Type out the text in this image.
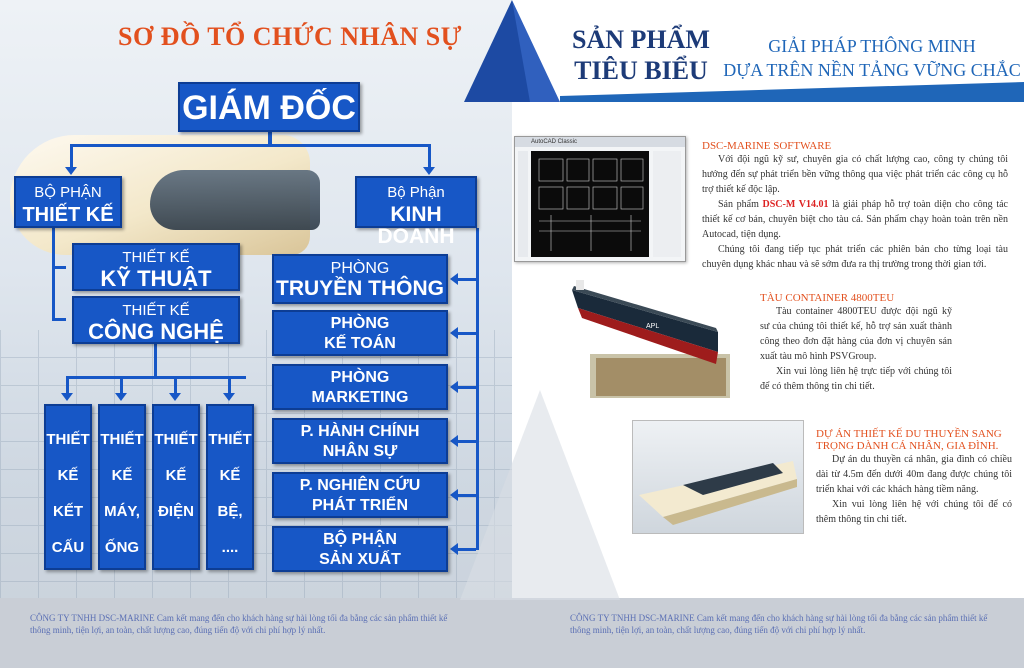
SƠ ĐỒ TỔ CHỨC NHÂN SỰ
GIÁM ĐỐC
BỘ PHẬN
THIẾT KẾ
Bộ Phận
KINH DOANH
THIẾT KẾ
KỸ THUẬT
THIẾT KẾ
CÔNG NGHỆ
PHÒNG
TRUYỀN THÔNG
PHÒNG
KẾ TOÁN
PHÒNG
MARKETING
P. HÀNH CHÍNH
NHÂN SỰ
P. NGHIÊN CỨU
PHÁT TRIỂN
BỘ PHẬN
SẢN XUẤT
THIẾT
KẾ
KẾT
CẤU
THIẾT
KẾ
MÁY,
ỐNG
THIẾT
KẾ
ĐIỆN
THIẾT
KẾ
BỆ,
....
SẢN PHẨM
TIÊU BIỂU
GIẢI PHÁP THÔNG MINH
DỰA TRÊN NỀN TẢNG VỮNG CHẮC
AutoCAD Classic	DSC-MARINE SOFTWARE

Với đội ngũ kỹ sư, chuyên gia có chất lượng cao, công ty chúng tôi hướng đến sự phát triển bền vững thông qua việc phát triển các công cụ hỗ trợ thiết kế độc lập.

Sản phẩm DSC-M V14.01 là giải pháp hỗ trợ toàn diện cho công tác thiết kế cơ bản, chuyên biệt cho tàu cá. Sản phẩm chạy hoàn toàn trên nền Autocad, tiện dụng.

Chúng tôi đang tiếp tục phát triển các phiên bản cho từng loại tàu chuyên dụng khác nhau và sẽ sớm đưa ra thị trường trong thời gian tới.

APL
TÀU CONTAINER 4800TEU

Tàu container 4800TEU được đội ngũ kỹ sư của chúng tôi thiết kế, hỗ trợ sản xuất thành công theo đơn đặt hàng của đơn vị chuyên sản xuất tàu mô hình PSVGroup.

Xin vui lòng liên hệ trực tiếp với chúng tôi để có thêm thông tin chi tiết.

DỰ ÁN THIẾT KẾ DU THUYỀN SANG TRỌNG DÀNH CÁ NHÂN, GIA ĐÌNH.

Dự án du thuyền cá nhân, gia đình có chiều dài từ 4.5m đến dưới 40m đang được chúng tôi triển khai với các khách hàng tiềm năng.

Xin vui lòng liên hệ với chúng tôi để có thêm thông tin chi tiết.

CÔNG TY TNHH DSC-MARINE Cam kết mang đến cho khách hàng sự hài lòng tối đa bằng các sản phẩm thiết kế thông minh, tiện lợi, an toàn, chất lượng cao, đúng tiến độ với chi phí hợp lý nhất.
CÔNG TY TNHH DSC-MARINE Cam kết mang đến cho khách hàng sự hài lòng tối đa bằng các sản phẩm thiết kế thông minh, tiện lợi, an toàn, chất lượng cao, đúng tiến độ với chi phí hợp lý nhất.
